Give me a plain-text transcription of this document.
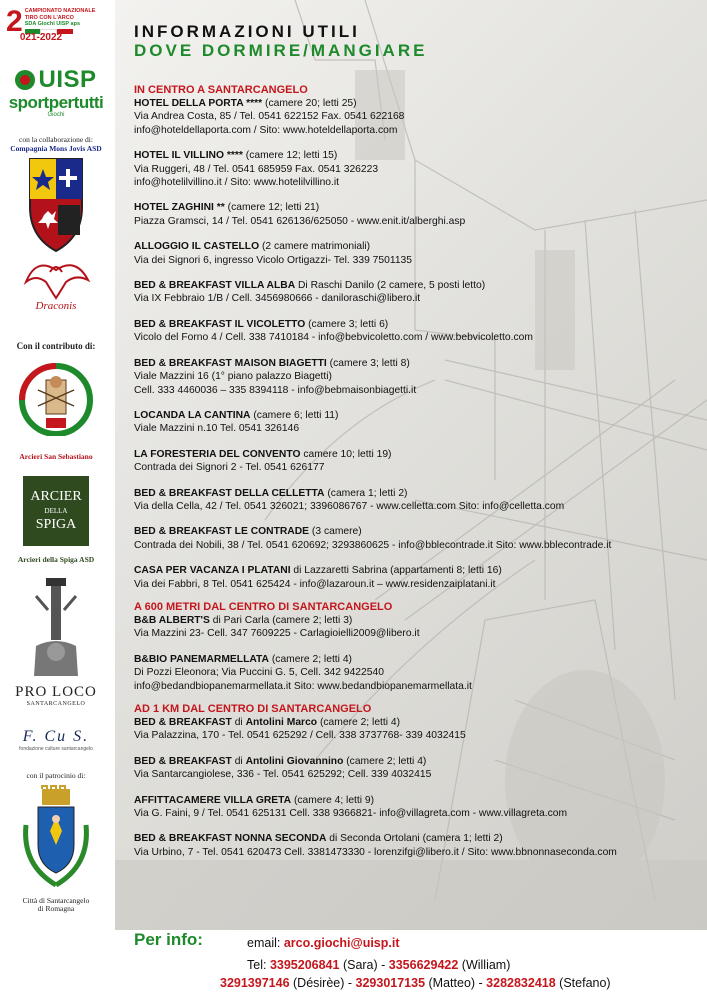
2 CAMPIONATO NAZIONALE
TIRO CON L'ARCO
SDA Giochi UISP aps
021-2022
UISP
sportpertutti
Giochi
con la collaborazione di:
Compagnia Mons Jovis ASD
Draconis
Con il contributo di:
Arcieri San Sebastiano
ARCIER
DELLA
SPIGA
Arcieri della Spiga ASD
PRO LOCO
SANTARCANGELO
F. Cu S.
fondazione culture santarcangelo
con il patrocinio di:
Città di Santarcangelo
di Romagna
INFORMAZIONI UTILI
DOVE DORMIRE/MANGIARE
IN CENTRO A SANTARCANGELO
HOTEL DELLA PORTA **** (camere 20; letti 25)
Via Andrea Costa, 85 / Tel. 0541 622152 Fax. 0541 622168
info@hoteldellaporta.com / Sito: www.hoteldellaporta.com
HOTEL IL VILLINO **** (camere 12; letti 15)
Via Ruggeri, 48 / Tel. 0541 685959 Fax. 0541 326223
info@hotelilvillino.it / Sito: www.hotelilvillino.it
HOTEL ZAGHINI ** (camere 12; letti 21)
Piazza Gramsci, 14 / Tel. 0541 626136/625050 - www.enit.it/alberghi.asp
ALLOGGIO IL CASTELLO (2 camere matrimoniali)
Via dei Signori 6, ingresso Vicolo Ortigazzi- Tel. 339 7501135
BED & BREAKFAST VILLA ALBA Di Raschi Danilo (2 camere, 5 posti letto)
Via IX Febbraio 1/B / Cell. 3456980666 - daniloraschi@libero.it
BED & BREAKFAST IL VICOLETTO (camere 3; letti 6)
Vicolo del Forno 4 / Cell. 338 7410184 - info@bebvicoletto.com / www.bebvicoletto.com
BED & BREAKFAST MAISON BIAGETTI (camere 3; letti 8)
Viale Mazzini 16 (1° piano palazzo Biagetti)
Cell. 333 4460036 – 335 8394118 - info@bebmaisonbiagetti.it
LOCANDA LA CANTINA (camere 6; letti 11)
Viale Mazzini n.10 Tel. 0541 326146
LA FORESTERIA DEL CONVENTO camere 10; letti 19)
Contrada dei Signori 2 - Tel. 0541 626177
BED & BREAKFAST DELLA CELLETTA (camera 1; letti 2)
Via della Cella, 42 / Tel. 0541 326021; 3396086767 - www.celletta.com Sito: info@celletta.com
BED & BREAKFAST LE CONTRADE (3 camere)
Contrada dei Nobili, 38 / Tel. 0541 620692; 3293860625 - info@bblecontrade.it Sito: www.bblecontrade.it
CASA PER VACANZA I PLATANI di Lazzaretti Sabrina (appartamenti 8; letti 16)
Via dei Fabbri, 8 Tel. 0541 625424 - info@lazaroun.it – www.residenzaiplatani.it
A 600 METRI DAL CENTRO DI SANTARCANGELO
B&B ALBERT'S di Pari Carla (camere 2; letti 3)
Via Mazzini 23- Cell. 347 7609225 - Carlagioielli2009@libero.it
B&BIO PANEMARMELLATA (camere 2; letti 4)
Di Pozzi Eleonora; Via Puccini G. 5, Cell. 342 9422540
info@bedandbiopanemarmellata.it Sito: www.bedandbiopanemarmellata.it
AD 1 KM DAL CENTRO DI SANTARCANGELO
BED & BREAKFAST di Antolini Marco (camere 2; letti 4)
Via Palazzina, 170 - Tel. 0541 625292 / Cell. 338 3737768- 339 4032415
BED & BREAKFAST di Antolini Giovannino (camere 2; letti 4)
Via Santarcangiolese, 336 - Tel. 0541 625292; Cell. 339 4032415
AFFITTACAMERE VILLA GRETA (camere 4; letti 9)
Via G. Faini, 9 / Tel. 0541 625131 Cell. 338 9366821- info@villagreta.com - www.villagreta.com
BED & BREAKFAST NONNA SECONDA di Seconda Ortolani (camera 1; letti 2)
Via Urbino, 7 - Tel. 0541 620473 Cell. 3381473330 - lorenzifgi@libero.it / Sito: www.bbnonnaseconda.com
Per info:	email: arco.giochi@uisp.it
Tel: 3395206841 (Sara) - 3356629422 (William)
3291397146 (Désirèe) - 3293017135 (Matteo) - 3282832418 (Stefano)
